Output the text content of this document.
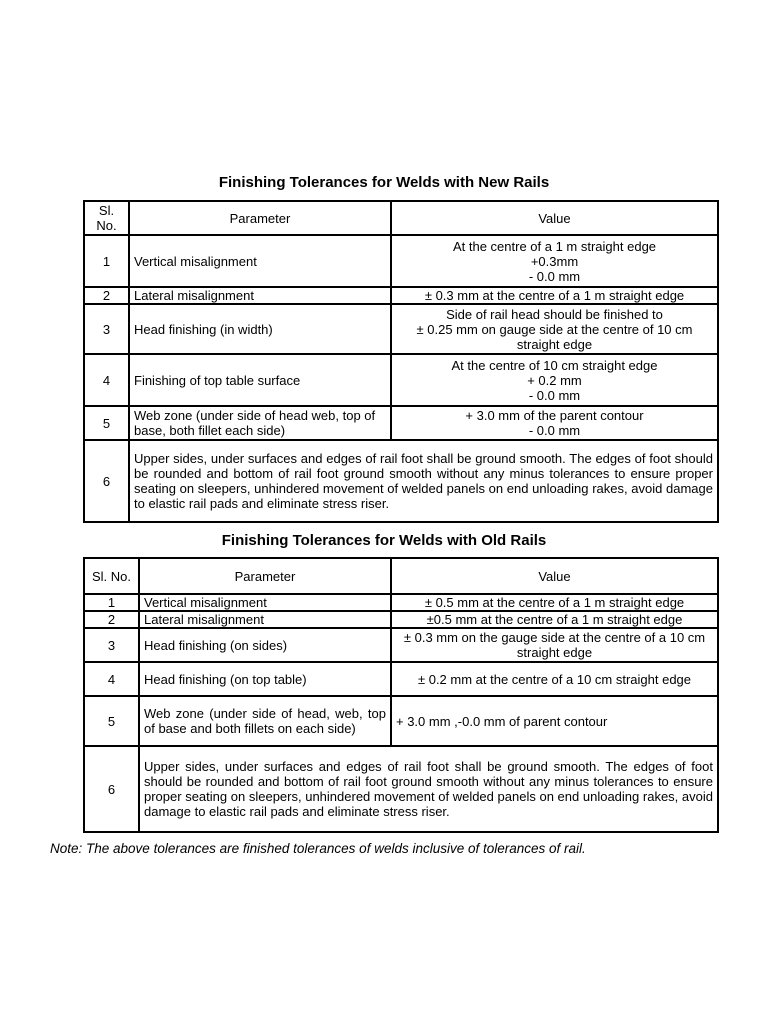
Finishing Tolerances for Welds with New Rails
Sl. No.	Parameter	Value
1	Vertical misalignment	At the centre of a 1 m straight edge
+0.3mm
- 0.0 mm
2	Lateral misalignment	± 0.3 mm at the centre of a 1 m straight edge
3	Head finishing (in width)	Side of rail head should be finished to
± 0.25 mm on gauge side at the centre of 10 cm straight edge
4	Finishing of top table surface	At the centre of 10 cm straight edge
+ 0.2 mm
- 0.0 mm
5	Web zone (under side of head web, top of base, both fillet each side)	+ 3.0 mm of the parent contour
- 0.0 mm
6	Upper sides, under surfaces and edges of rail foot shall be ground smooth. The edges of foot should be rounded and bottom of rail foot ground smooth without any minus tolerances to ensure proper seating on sleepers, unhindered movement of welded panels on end unloading rakes, avoid damage to elastic rail pads and eliminate stress riser.	
Finishing Tolerances for Welds with Old Rails
Sl. No.	Parameter	Value
1	Vertical misalignment	± 0.5 mm at the centre of a 1 m straight edge
2	Lateral misalignment	±0.5 mm at the centre of a 1 m straight edge
3	Head finishing (on sides)	± 0.3 mm on the gauge side at the centre of a 10 cm straight edge
4	Head finishing (on top table)	± 0.2 mm at the centre of a 10 cm straight edge
5	Web zone (under side of head, web, top of base and both fillets on each side)	+ 3.0 mm ,-0.0 mm of parent contour
6	Upper sides, under surfaces and edges of rail foot shall be ground smooth. The edges of foot should be rounded and bottom of rail foot ground smooth without any minus tolerances to ensure proper seating on sleepers, unhindered movement of welded panels on end unloading rakes, avoid damage to elastic rail pads and eliminate stress riser.	
Note: The above tolerances are finished tolerances of welds inclusive of tolerances of rail.
